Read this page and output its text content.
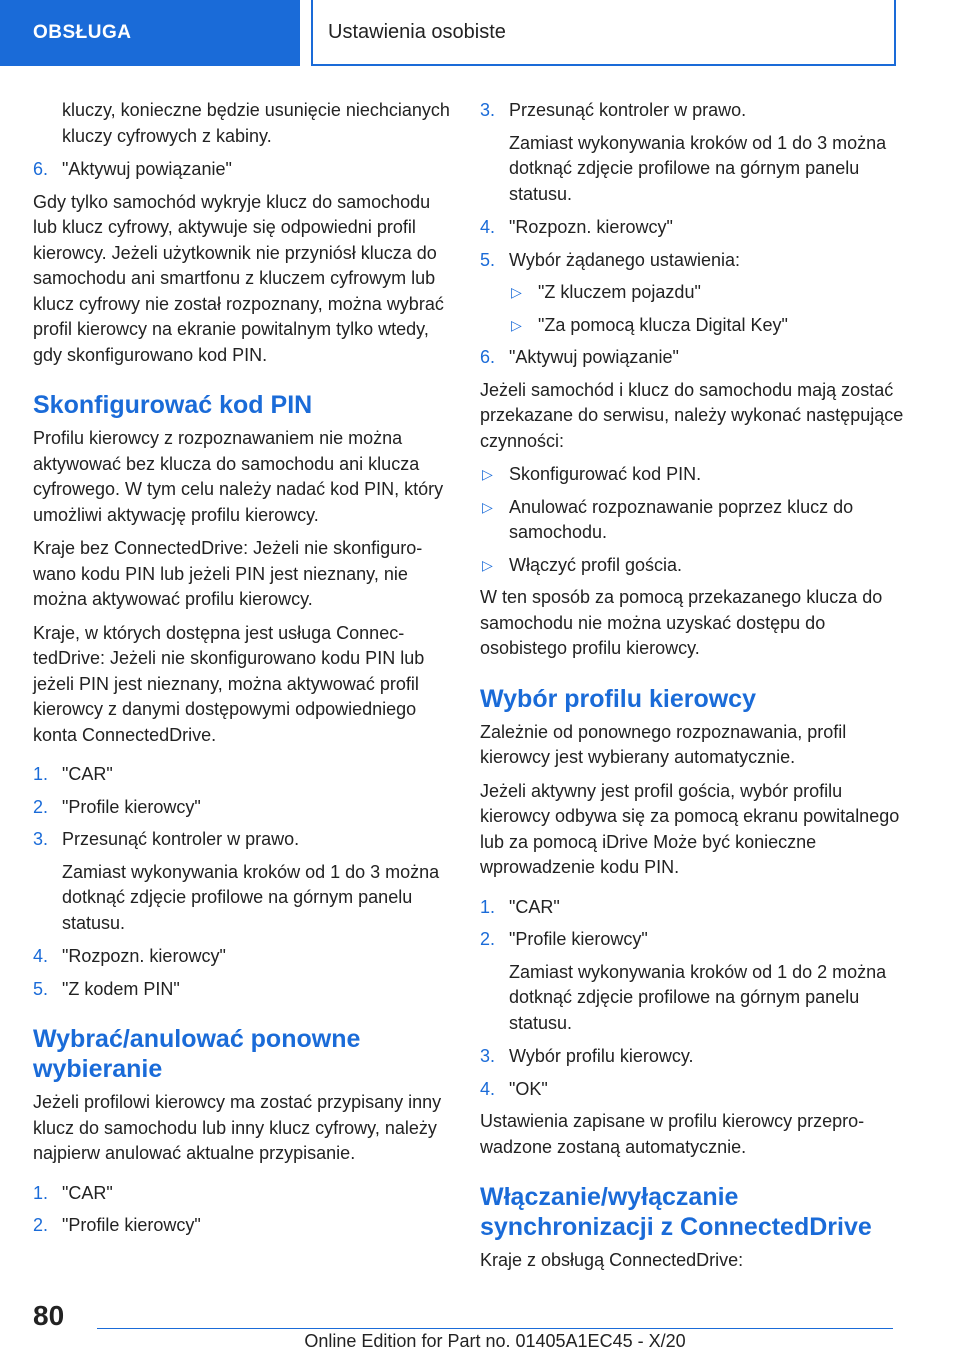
OBSŁUGA	Ustawienia osobiste

kluczy, konieczne będzie usunięcie niechcianych kluczy cyfrowych z kabiny.

6. "Aktywuj powiązanie"

Gdy tylko samochód wykryje klucz do samochodu lub klucz cyfrowy, aktywuje się odpowiedni profil kierowcy. Jeżeli użytkownik nie przyniósł klucza do samochodu ani smartfonu z kluczem cyfrowym lub klucz cyfrowy nie został rozpoznany, można wybrać profil kierowcy na ekranie powitalnym tylko wtedy, gdy skonfigurowano kod PIN.

Skonfigurować kod PIN

Profilu kierowcy z rozpoznawaniem nie można aktywować bez klucza do samochodu ani klucza cyfrowego. W tym celu należy nadać kod PIN, który umożliwi aktywację profilu kierowcy.

Kraje bez ConnectedDrive: Jeżeli nie skonfigurowano kodu PIN lub jeżeli PIN jest nieznany, nie można aktywować profilu kierowcy.

Kraje, w których dostępna jest usługa ConnectedDrive: Jeżeli nie skonfigurowano kodu PIN lub jeżeli PIN jest nieznany, można aktywować profil kierowcy z danymi dostępowymi odpowiedniego konta ConnectedDrive.

1. "CAR"
2. "Profile kierowcy"
3. Przesunąć kontroler w prawo.

Zamiast wykonywania kroków od 1 do 3 można dotknąć zdjęcie profilowe na górnym panelu statusu.

4. "Rozpozn. kierowcy"
5. "Z kodem PIN"
Wybrać/anulować ponowne wybieranie

Jeżeli profilowi kierowcy ma zostać przypisany inny klucz do samochodu lub inny klucz cyfrowy, należy najpierw anulować aktualne przypisanie.

1. "CAR"
2. "Profile kierowcy"
3. Przesunąć kontroler w prawo.

Zamiast wykonywania kroków od 1 do 3 można dotknąć zdjęcie profilowe na górnym panelu statusu.

4. "Rozpozn. kierowcy"
5. Wybór żądanego ustawienia:
▷ "Z kluczem pojazdu"
▷ "Za pomocą klucza Digital Key"
6. "Aktywuj powiązanie"

Jeżeli samochód i klucz do samochodu mają zostać przekazane do serwisu, należy wykonać następujące czynności:

▷ Skonfigurować kod PIN.
▷ Anulować rozpoznawanie poprzez klucz do samochodu.
▷ Włączyć profil gościa.

W ten sposób za pomocą przekazanego klucza do samochodu nie można uzyskać dostępu do osobistego profilu kierowcy.

Wybór profilu kierowcy

Zależnie od ponownego rozpoznawania, profil kierowcy jest wybierany automatycznie.

Jeżeli aktywny jest profil gościa, wybór profilu kierowcy odbywa się za pomocą ekranu powitalnego lub za pomocą iDrive Może być konieczne wprowadzenie kodu PIN.

1. "CAR"
2. "Profile kierowcy"

Zamiast wykonywania kroków od 1 do 2 można dotknąć zdjęcie profilowe na górnym panelu statusu.

3. Wybór profilu kierowcy.
4. "OK"

Ustawienia zapisane w profilu kierowcy przeprowadzone zostaną automatycznie.

Włączanie/wyłączanie synchronizacji z ConnectedDrive

Kraje z obsługą ConnectedDrive:

80
Online Edition for Part no. 01405A1EC45 - X/20
